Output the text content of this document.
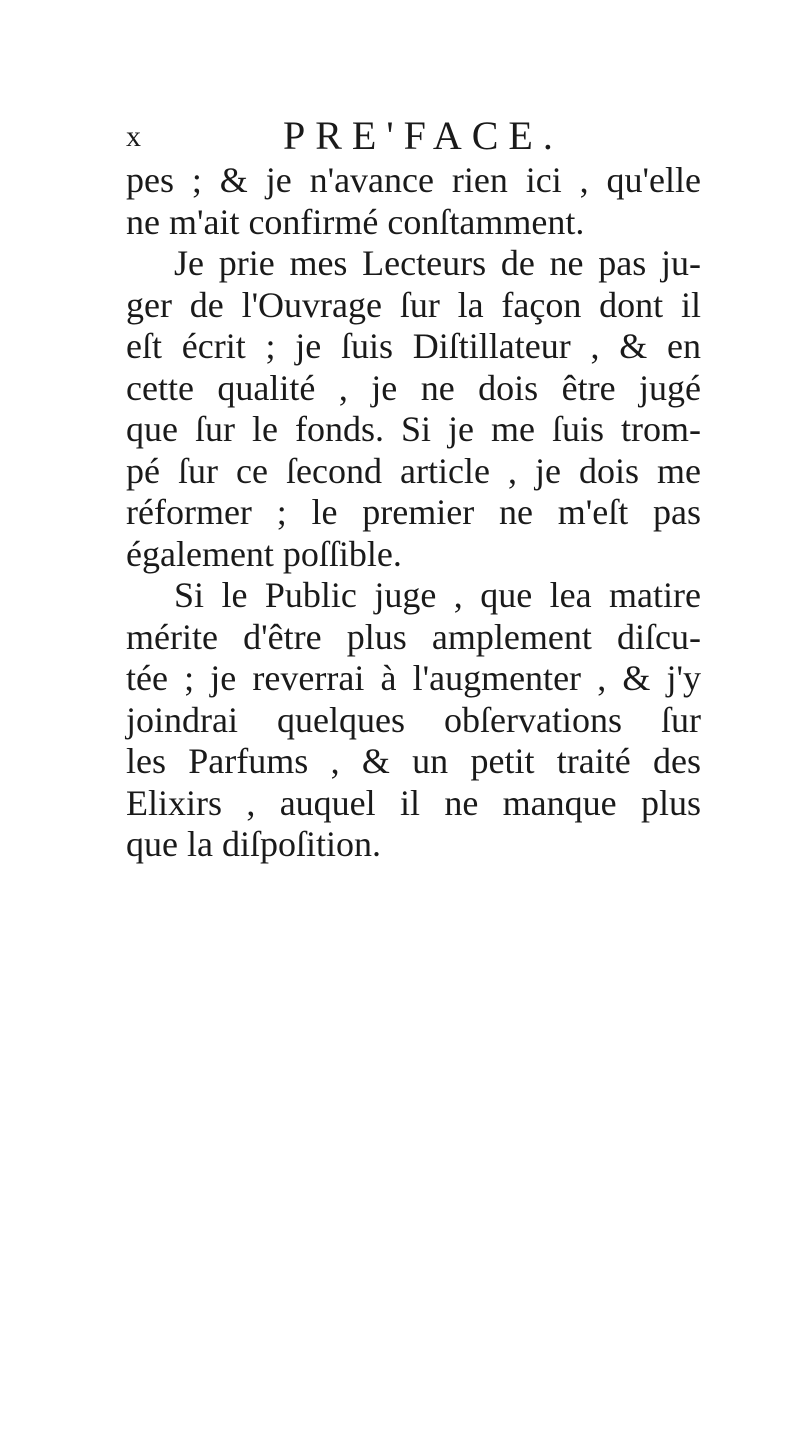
x	PRE'FACE.
pes ; & je n'avance rien ici , qu'elle
ne m'ait confirmé conſtamment.
Je prie mes Lecteurs de ne pas ju-
ger de l'Ouvrage ſur la façon dont il
eſt écrit ; je ſuis Diſtillateur , & en
cette qualité , je ne dois être jugé
que ſur le fonds. Si je me ſuis trom-
pé ſur ce ſecond article , je dois me
réformer ; le premier ne m'eſt pas
également poſſible.
Si le Public juge , que lea matire
mérite d'être plus amplement diſcu-
tée ; je reverrai à l'augmenter , & j'y
joindrai quelques obſervations ſur
les Parfums , & un petit traité des
Elixirs , auquel il ne manque plus
que la diſpoſition.
